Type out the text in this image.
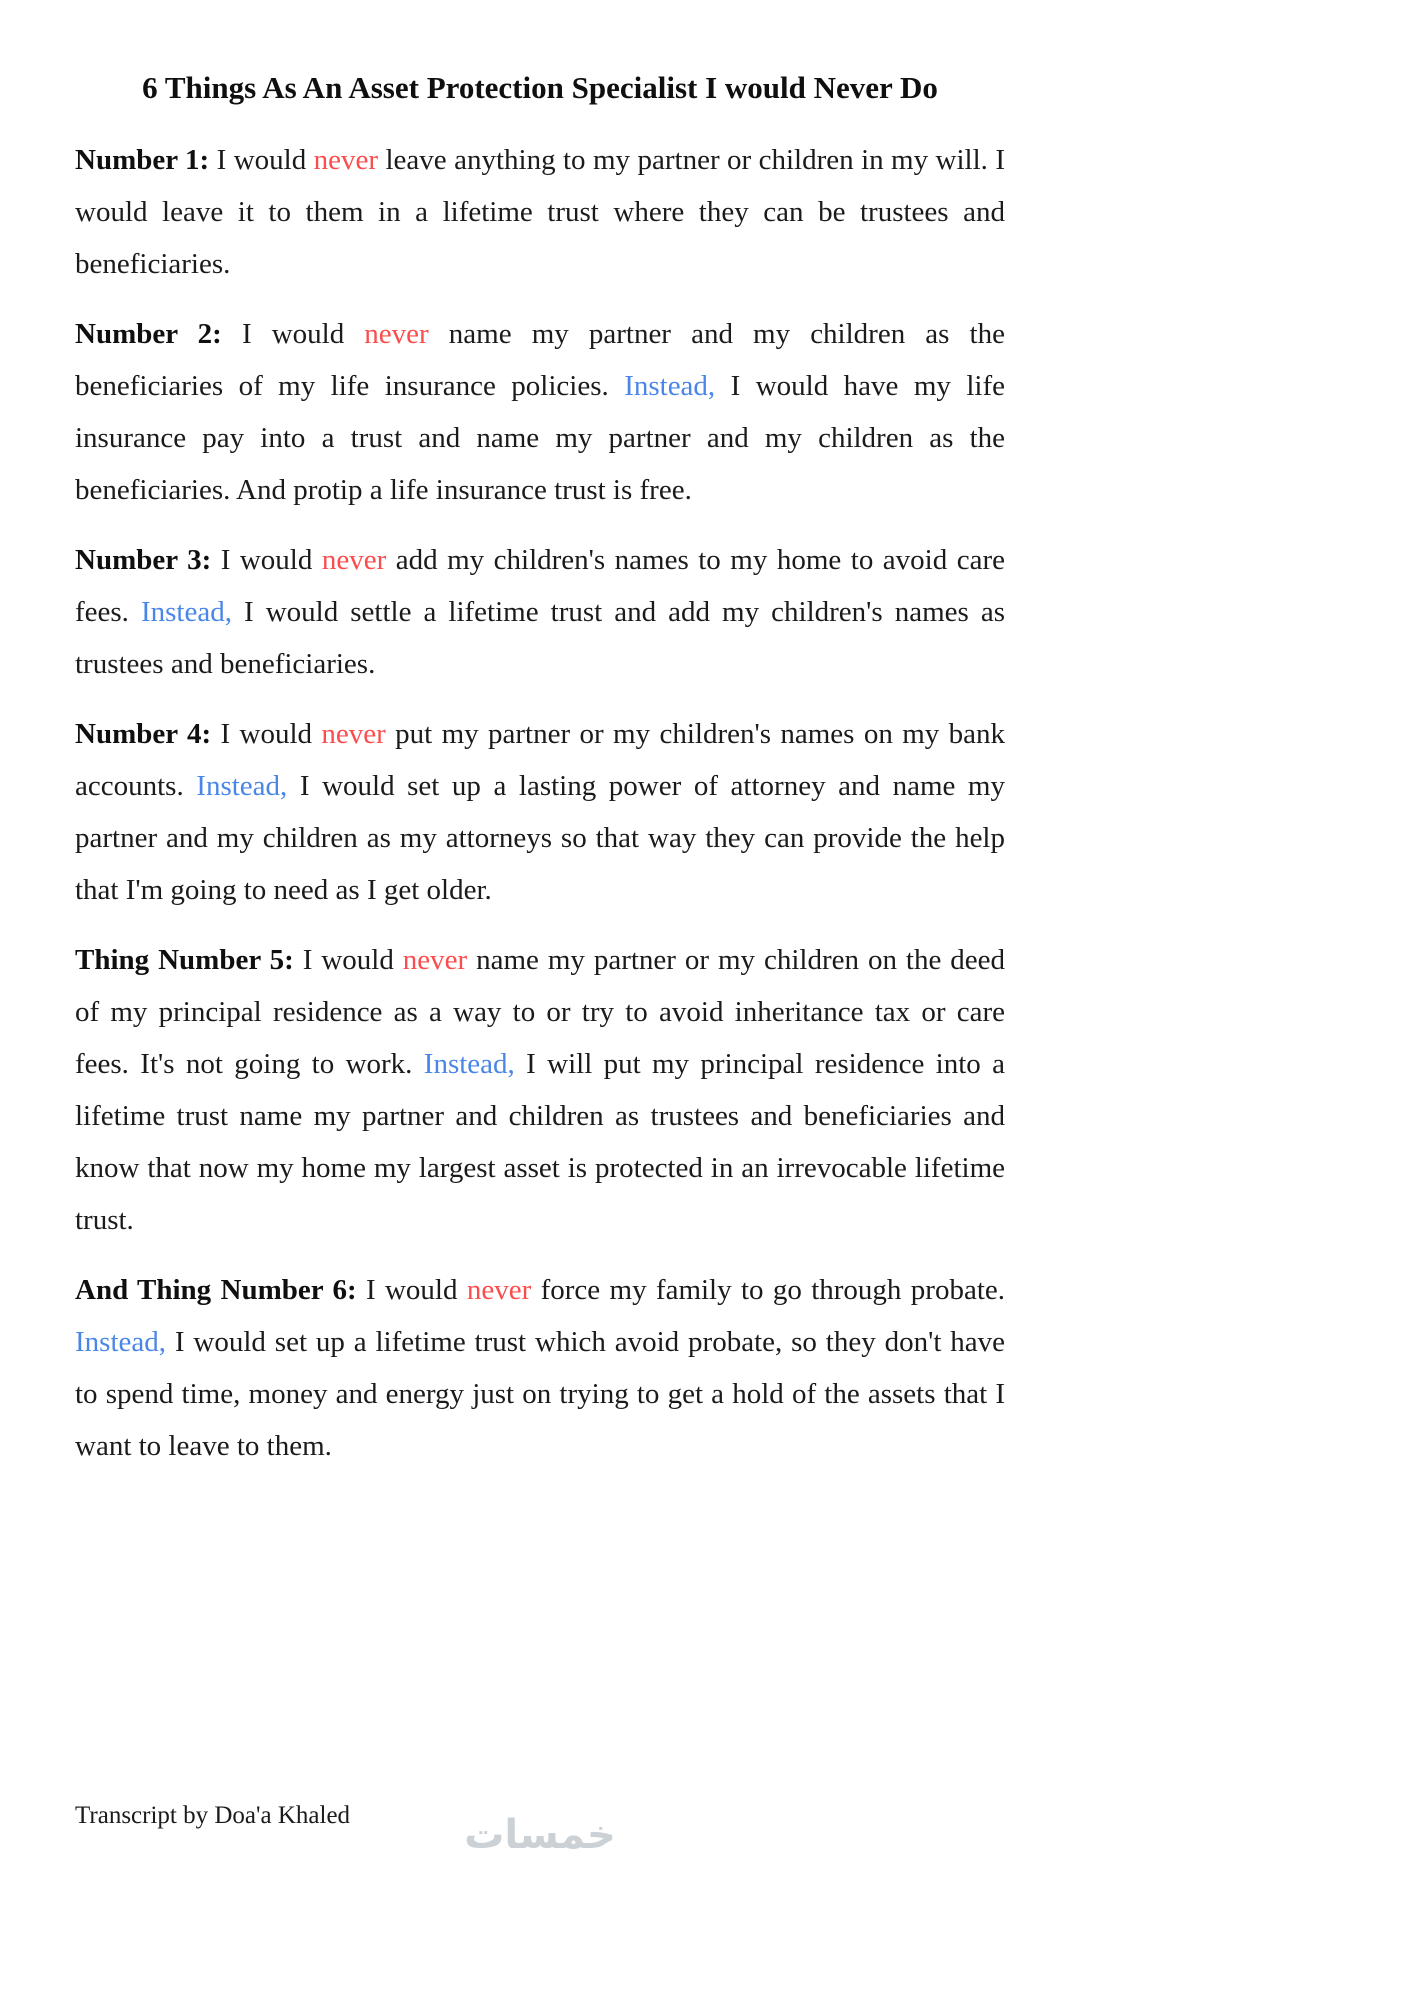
6 Things As An Asset Protection Specialist I would Never Do

Number 1: I would never leave anything to my partner or children in my will. I would leave it to them in a lifetime trust where they can be trustees and beneficiaries.

Number 2: I would never name my partner and my children as the beneficiaries of my life insurance policies. Instead, I would have my life insurance pay into a trust and name my partner and my children as the beneficiaries. And protip a life insurance trust is free.

Number 3: I would never add my children's names to my home to avoid care fees. Instead, I would settle a lifetime trust and add my children's names as trustees and beneficiaries.

Number 4: I would never put my partner or my children's names on my bank accounts. Instead, I would set up a lasting power of attorney and name my partner and my children as my attorneys so that way they can provide the help that I'm going to need as I get older.

Thing Number 5: I would never name my partner or my children on the deed of my principal residence as a way to or try to avoid inheritance tax or care fees. It's not going to work. Instead, I will put my principal residence into a lifetime trust name my partner and children as trustees and beneficiaries and know that now my home my largest asset is protected in an irrevocable lifetime trust.

And Thing Number 6: I would never force my family to go through probate. Instead, I would set up a lifetime trust which avoid probate, so they don't have to spend time, money and energy just on trying to get a hold of the assets that I want to leave to them.

Transcript by Doa'a Khaled	خمسات
